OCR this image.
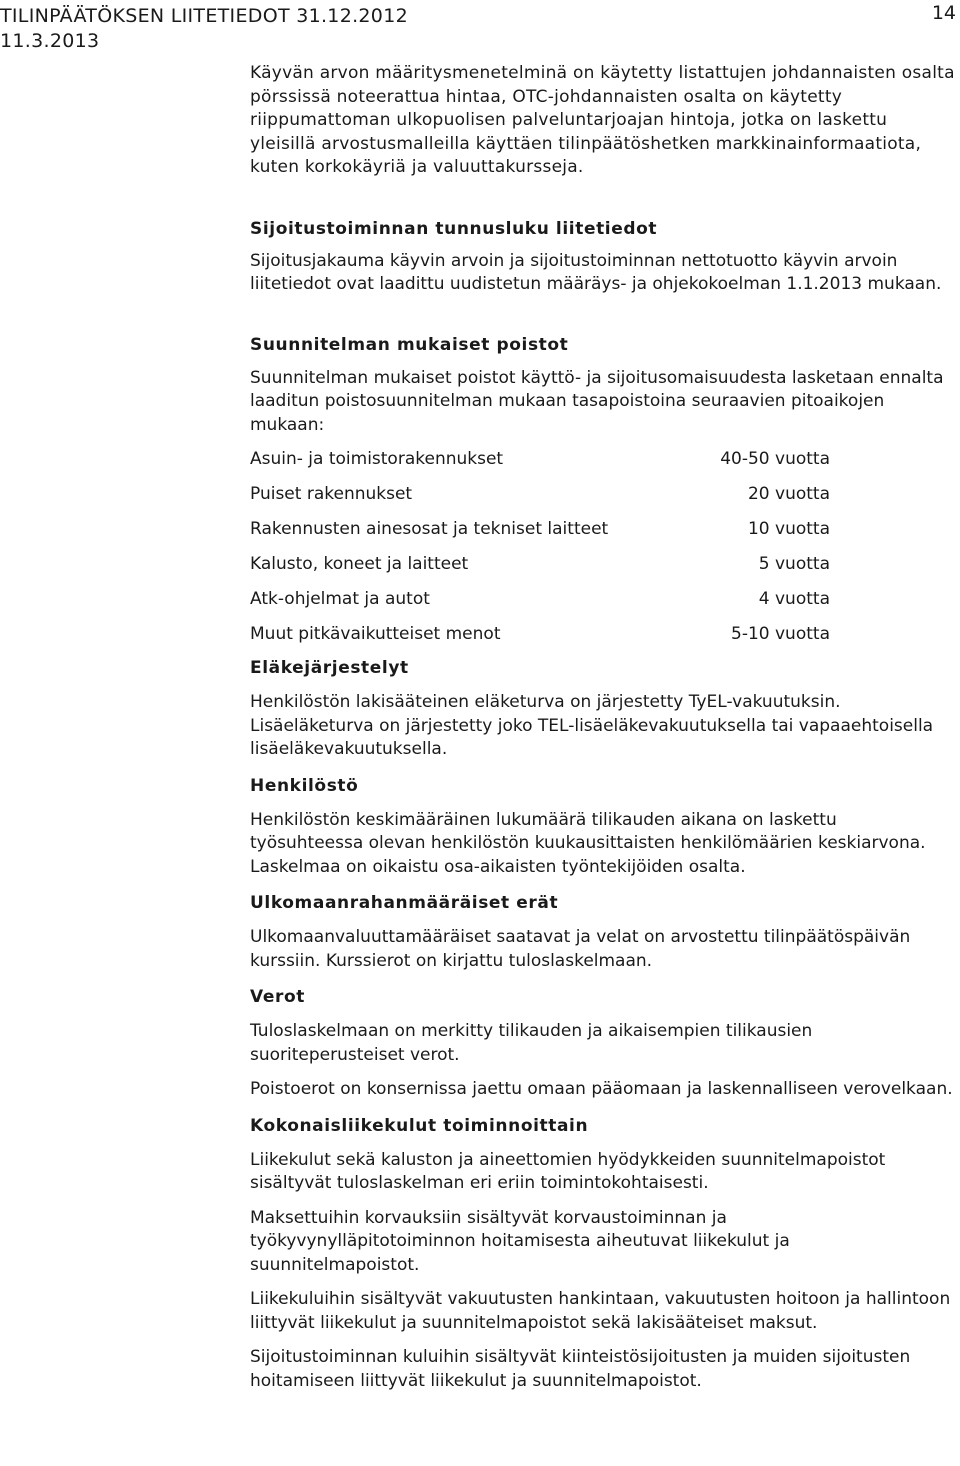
TILINPÄÄTÖKSEN LIITETIEDOT 31.12.2012
11.3.2013
14

Käyvän arvon määritysmenetelminä on käytetty listattujen johdannaisten osalta pörssissä noteerattua hintaa, OTC-johdannaisten osalta on käytetty riippumattoman ulkopuolisen palveluntarjoajan hintoja, jotka on laskettu yleisillä arvostusmalleilla käyttäen tilinpäätöshetken markkinainformaatiota, kuten korkokäyriä ja valuuttakursseja.

Sijoitustoiminnan tunnusluku liitetiedot

Sijoitusjakauma käyvin arvoin ja sijoitustoiminnan nettotuotto käyvin arvoin liitetiedot ovat laadittu uudistetun määräys- ja ohjekokoelman 1.1.2013 mukaan.

Suunnitelman mukaiset poistot

Suunnitelman mukaiset poistot käyttö- ja sijoitusomaisuudesta lasketaan ennalta laaditun poistosuunnitelman mukaan tasapoistoina seuraavien pitoaikojen mukaan:

Asuin- ja toimistorakennukset	40-50 vuotta
Puiset rakennukset	20 vuotta
Rakennusten ainesosat ja tekniset laitteet	10 vuotta
Kalusto, koneet ja laitteet	5 vuotta
Atk-ohjelmat ja autot	4 vuotta
Muut pitkävaikutteiset menot	5-10 vuotta
Eläkejärjestelyt

Henkilöstön lakisääteinen eläketurva on järjestetty TyEL-vakuutuksin. Lisäeläketurva on järjestetty joko TEL-lisäeläkevakuutuksella tai vapaaehtoisella lisäeläkevakuutuksella.

Henkilöstö

Henkilöstön keskimääräinen lukumäärä tilikauden aikana on laskettu työsuhteessa olevan henkilöstön kuukausittaisten henkilömäärien keskiarvona. Laskelmaa on oikaistu osa-aikaisten työntekijöiden osalta.

Ulkomaanrahanmääräiset erät

Ulkomaanvaluuttamääräiset saatavat ja velat on arvostettu tilinpäätöspäivän kurssiin. Kurssierot on kirjattu tuloslaskelmaan.

Verot

Tuloslaskelmaan on merkitty tilikauden ja aikaisempien tilikausien suoriteperusteiset verot.

Poistoerot on konsernissa jaettu omaan pääomaan ja laskennalliseen verovelkaan.

Kokonaisliikekulut toiminnoittain

Liikekulut sekä kaluston ja aineettomien hyödykkeiden suunnitelmapoistot sisältyvät tuloslaskelman eri eriin toimintokohtaisesti.

Maksettuihin korvauksiin sisältyvät korvaustoiminnan ja työkyvynylläpitotoiminnon hoitamisesta aiheutuvat liikekulut ja suunnitelmapoistot.

Liikekuluihin sisältyvät vakuutusten hankintaan, vakuutusten hoitoon ja hallintoon liittyvät liikekulut ja suunnitelmapoistot sekä lakisääteiset maksut.

Sijoitustoiminnan kuluihin sisältyvät kiinteistösijoitusten ja muiden sijoitusten hoitamiseen liittyvät liikekulut ja suunnitelmapoistot.
